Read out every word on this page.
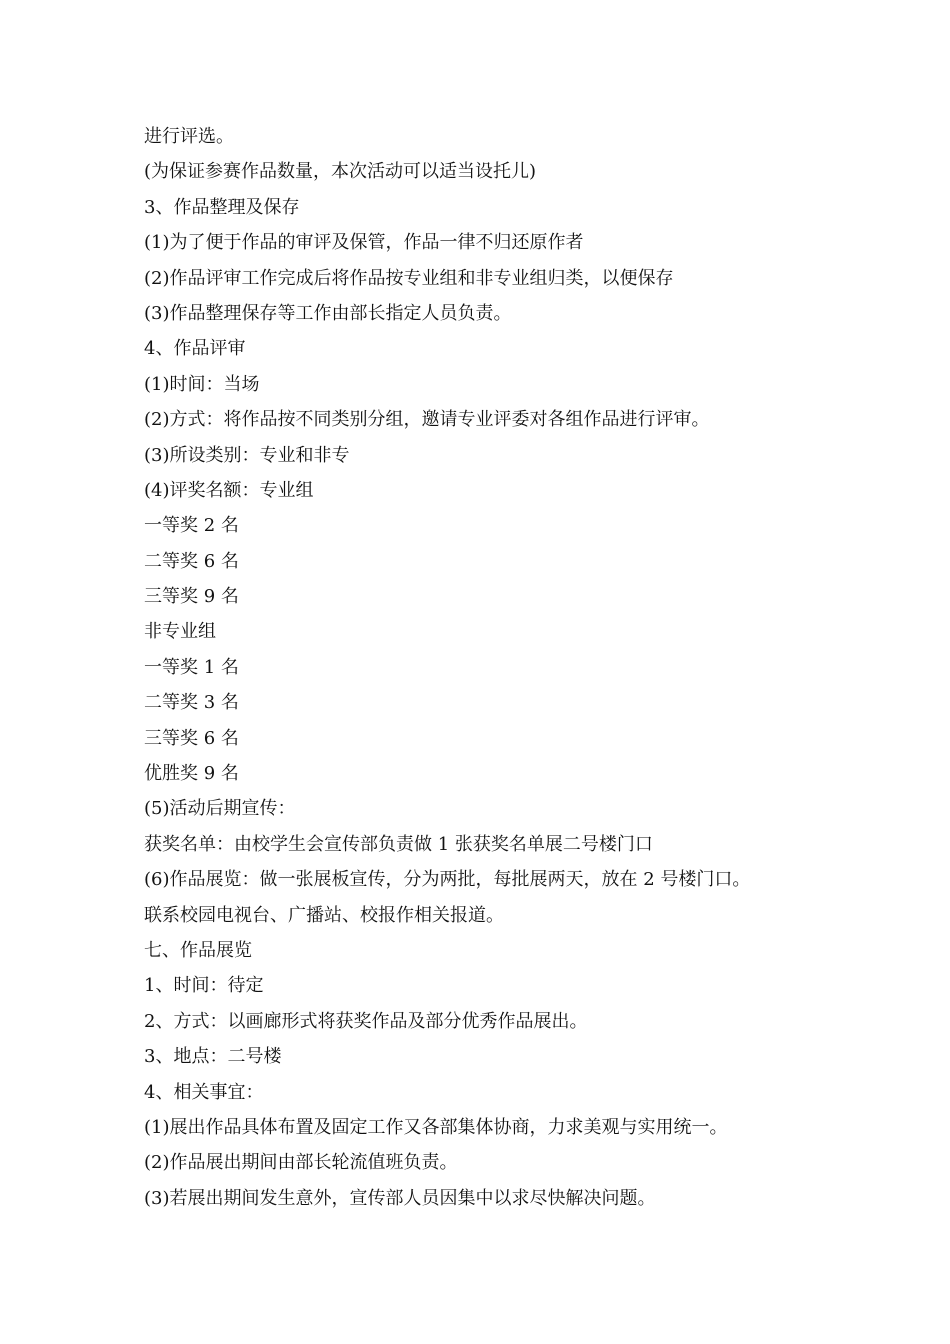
进行评选。
(为保证参赛作品数量，本次活动可以适当设托儿)
3、作品整理及保存
(1)为了便于作品的审评及保管，作品一律不归还原作者
(2)作品评审工作完成后将作品按专业组和非专业组归类，以便保存
(3)作品整理保存等工作由部长指定人员负责。
4、作品评审
(1)时间：当场
(2)方式：将作品按不同类别分组，邀请专业评委对各组作品进行评审。
(3)所设类别：专业和非专
(4)评奖名额：专业组
一等奖 2 名
二等奖 6 名
三等奖 9 名
非专业组
一等奖 1 名
二等奖 3 名
三等奖 6 名
优胜奖 9 名
(5)活动后期宣传：
获奖名单：由校学生会宣传部负责做 1 张获奖名单展二号楼门口
(6)作品展览：做一张展板宣传，分为两批，每批展两天，放在 2 号楼门口。
联系校园电视台、广播站、校报作相关报道。
七、作品展览
1、时间：待定
2、方式：以画廊形式将获奖作品及部分优秀作品展出。
3、地点：二号楼
4、相关事宜：
(1)展出作品具体布置及固定工作又各部集体协商，力求美观与实用统一。
(2)作品展出期间由部长轮流值班负责。
(3)若展出期间发生意外，宣传部人员因集中以求尽快解决问题。
